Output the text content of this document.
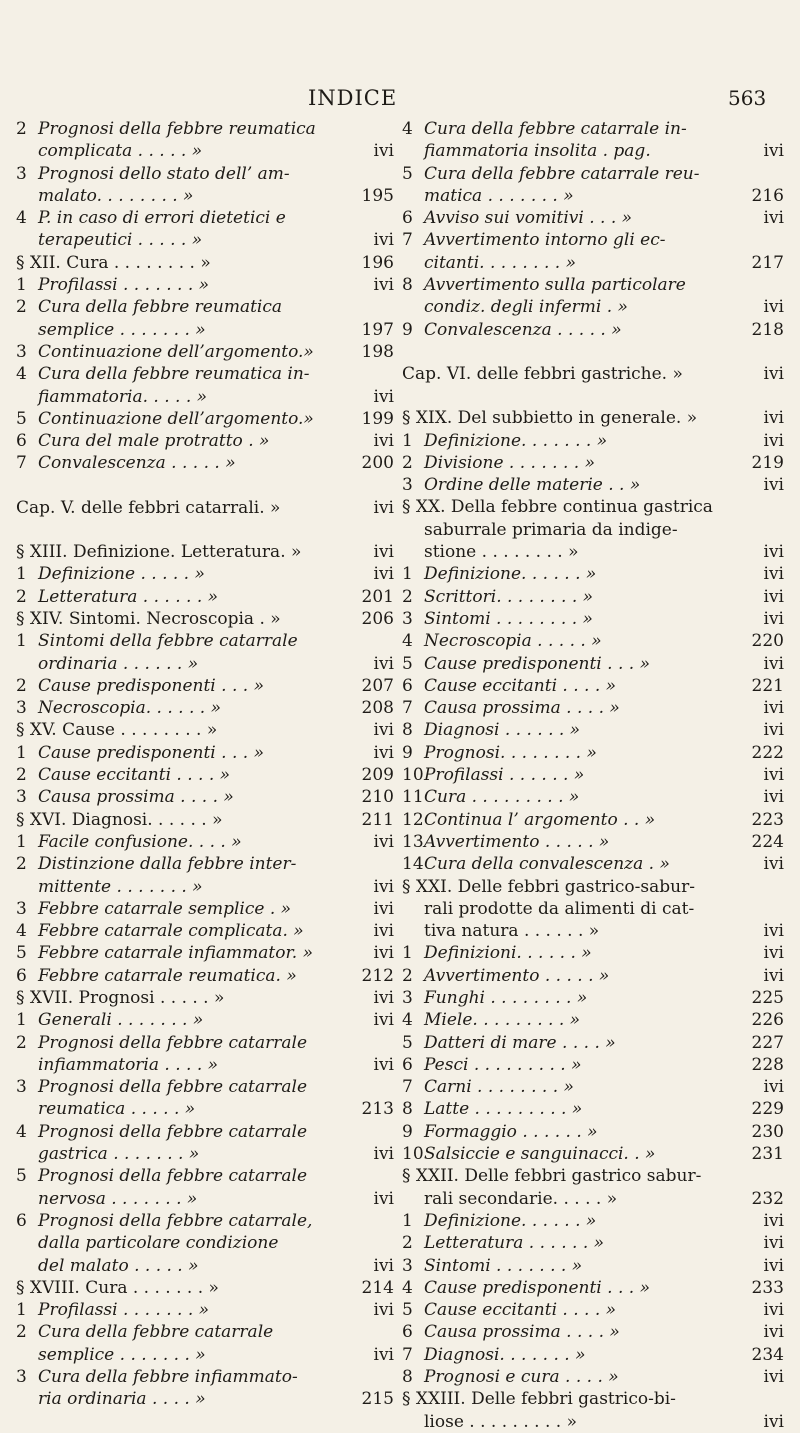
INDICE	563
2 Prognosi della febbre reumatica
complicata . . . . . »	ivi
3 Prognosi dello stato dell’ am-
malato. . . . . . . . »	195
4 P. in caso di errori dietetici e
terapeutici . . . . . »	ivi
§ XII. Cura . . . . . . . . »	196
1 Profilassi . . . . . . . »	ivi
2 Cura della febbre reumatica
semplice . . . . . . . »	197
3 Continuazione dell’argomento.»	198
4 Cura della febbre reumatica in-
fiammatoria. . . . . »	ivi
5 Continuazione dell’argomento.»	199
6 Cura del male protratto . »	ivi
7 Convalescenza . . . . . »	200
Cap. V. delle febbri catarrali. »	ivi
§ XIII. Definizione. Letteratura. »	ivi
1 Definizione . . . . . »	ivi
2 Letteratura . . . . . . »	201
§ XIV. Sintomi. Necroscopia . »	206
1 Sintomi della febbre catarrale
ordinaria . . . . . . »	ivi
2 Cause predisponenti . . . »	207
3 Necroscopia. . . . . . »	208
§ XV. Cause . . . . . . . . »	ivi
1 Cause predisponenti . . . »	ivi
2 Cause eccitanti . . . . »	209
3 Causa prossima . . . . »	210
§ XVI. Diagnosi. . . . . . »	211
1 Facile confusione. . . . »	ivi
2 Distinzione dalla febbre inter-
mittente . . . . . . . »	ivi
3 Febbre catarrale semplice . »	ivi
4 Febbre catarrale complicata. »	ivi
5 Febbre catarrale infiammator. »	ivi
6 Febbre catarrale reumatica. »	212
§ XVII. Prognosi . . . . . »	ivi
1 Generali . . . . . . . »	ivi
2 Prognosi della febbre catarrale
infiammatoria . . . . »	ivi
3 Prognosi della febbre catarrale
reumatica . . . . . »	213
4 Prognosi della febbre catarrale
gastrica . . . . . . . »	ivi
5 Prognosi della febbre catarrale
nervosa . . . . . . . »	ivi
6 Prognosi della febbre catarrale,
dalla particolare condizione
del malato . . . . . »	ivi
§ XVIII. Cura . . . . . . . »	214
1 Profilassi . . . . . . . »	ivi
2 Cura della febbre catarrale
semplice . . . . . . . »	ivi
3 Cura della febbre infiammato-
ria ordinaria . . . . »	215
4 Cura della febbre catarrale in-
fiammatoria insolita . pag.	ivi
5 Cura della febbre catarrale reu-
matica . . . . . . . »	216
6 Avviso sui vomitivi . . . »	ivi
7 Avvertimento intorno gli ec-
citanti. . . . . . . . »	217
8 Avvertimento sulla particolare
condiz. degli infermi . »	ivi
9 Convalescenza . . . . . »	218
Cap. VI. delle febbri gastriche. »	ivi
§ XIX. Del subbietto in generale. »	ivi
1 Definizione. . . . . . . »	ivi
2 Divisione . . . . . . . »	219
3 Ordine delle materie . . »	ivi
§ XX. Della febbre continua gastrica
saburrale primaria da indige-
stione . . . . . . . . »	ivi
1 Definizione. . . . . . »	ivi
2 Scrittori. . . . . . . . »	ivi
3 Sintomi . . . . . . . . »	ivi
4 Necroscopia . . . . . »	220
5 Cause predisponenti . . . »	ivi
6 Cause eccitanti . . . . »	221
7 Causa prossima . . . . »	ivi
8 Diagnosi . . . . . . »	ivi
9 Prognosi. . . . . . . . »	222
10Profilassi . . . . . . »	ivi
11Cura . . . . . . . . . »	ivi
12Continua l’ argomento . . »	223
13Avvertimento . . . . . »	224
14Cura della convalescenza . »	ivi
§ XXI. Delle febbri gastrico-sabur-
rali prodotte da alimenti di cat-
tiva natura . . . . . . »	ivi
1 Definizioni. . . . . . »	ivi
2 Avvertimento . . . . . »	ivi
3 Funghi . . . . . . . . »	225
4 Miele. . . . . . . . . »	226
5 Datteri di mare . . . . »	227
6 Pesci . . . . . . . . . »	228
7 Carni . . . . . . . . »	ivi
8 Latte . . . . . . . . . »	229
9 Formaggio . . . . . . »	230
10Salsiccie e sanguinacci. . »	231
§ XXII. Delle febbri gastrico sabur-
rali secondarie. . . . . »	232
1 Definizione. . . . . . »	ivi
2 Letteratura . . . . . . »	ivi
3 Sintomi . . . . . . . »	ivi
4 Cause predisponenti . . . »	233
5 Cause eccitanti . . . . »	ivi
6 Causa prossima . . . . »	ivi
7 Diagnosi. . . . . . . »	234
8 Prognosi e cura . . . . »	ivi
§ XXIII. Delle febbri gastrico-bi-
liose . . . . . . . . . »	ivi
